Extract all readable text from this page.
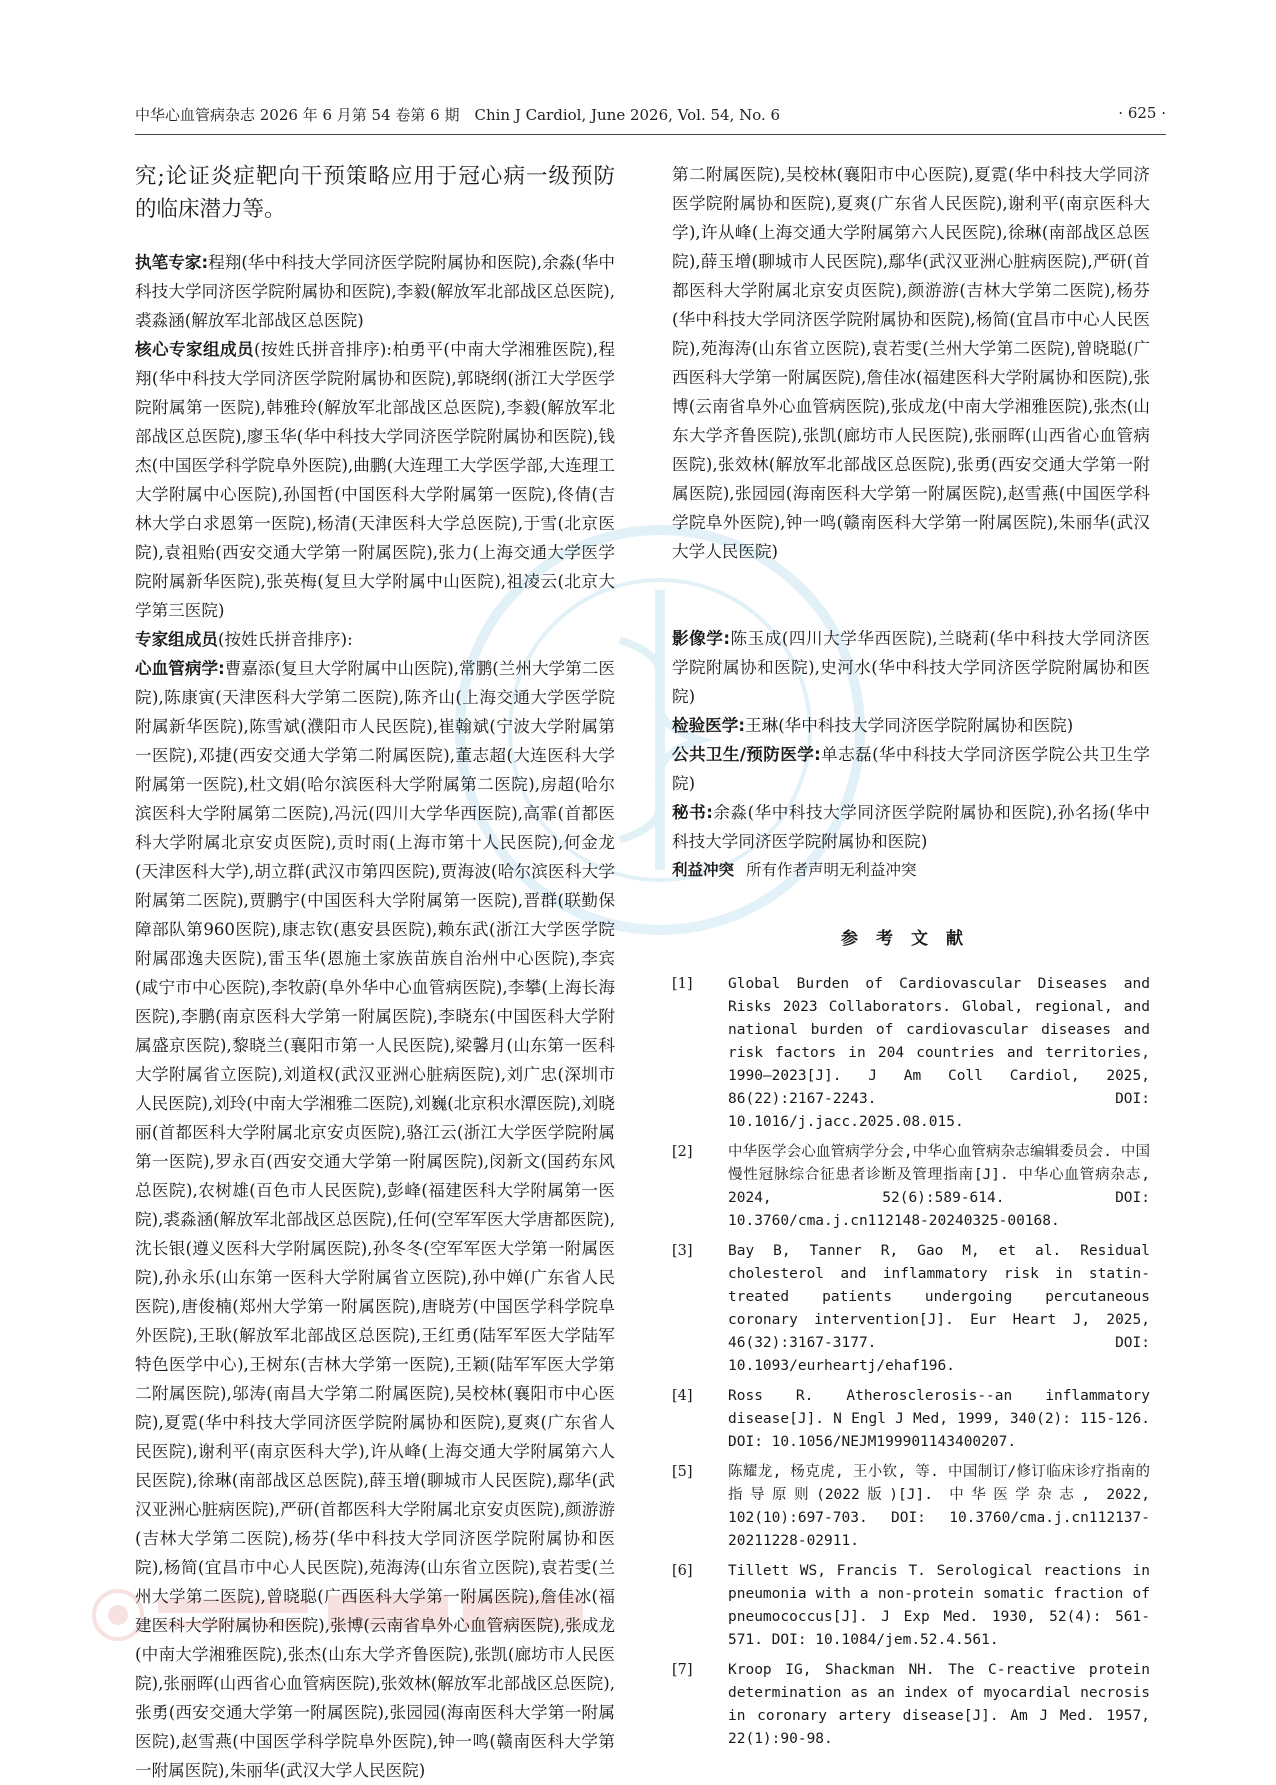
中华心血管病杂志 2026 年 6 月第 54 卷第 6 期　Chin J Cardiol, June 2026, Vol. 54, No. 6	· 625 ·

究;论证炎症靶向干预策略应用于冠心病一级预防的临床潜力等。

执笔专家:程翔(华中科技大学同济医学院附属协和医院),余淼(华中科技大学同济医学院附属协和医院),李毅(解放军北部战区总医院),裘淼涵(解放军北部战区总医院)

核心专家组成员(按姓氏拼音排序):柏勇平(中南大学湘雅医院),程翔(华中科技大学同济医学院附属协和医院),郭晓纲(浙江大学医学院附属第一医院),韩雅玲(解放军北部战区总医院),李毅(解放军北部战区总医院),廖玉华(华中科技大学同济医学院附属协和医院),钱杰(中国医学科学院阜外医院),曲鹏(大连理工大学医学部,大连理工大学附属中心医院),孙国哲(中国医科大学附属第一医院),佟倩(吉林大学白求恩第一医院),杨清(天津医科大学总医院),于雪(北京医院),袁祖贻(西安交通大学第一附属医院),张力(上海交通大学医学院附属新华医院),张英梅(复旦大学附属中山医院),祖凌云(北京大学第三医院)

专家组成员(按姓氏拼音排序):

心血管病学:曹嘉添(复旦大学附属中山医院),常鹏(兰州大学第二医院),陈康寅(天津医科大学第二医院),陈齐山(上海交通大学医学院附属新华医院),陈雪斌(濮阳市人民医院),崔翰斌(宁波大学附属第一医院),邓捷(西安交通大学第二附属医院),董志超(大连医科大学附属第一医院),杜文娟(哈尔滨医科大学附属第二医院),房超(哈尔滨医科大学附属第二医院),冯沅(四川大学华西医院),高霏(首都医科大学附属北京安贞医院),贡时雨(上海市第十人民医院),何金龙(天津医科大学),胡立群(武汉市第四医院),贾海波(哈尔滨医科大学附属第二医院),贾鹏宇(中国医科大学附属第一医院),晋群(联勤保障部队第960医院),康志钦(惠安县医院),赖东武(浙江大学医学院附属邵逸夫医院),雷玉华(恩施土家族苗族自治州中心医院),李宾(咸宁市中心医院),李牧蔚(阜外华中心血管病医院),李攀(上海长海医院),李鹏(南京医科大学第一附属医院),李晓东(中国医科大学附属盛京医院),黎晓兰(襄阳市第一人民医院),梁馨月(山东第一医科大学附属省立医院),刘道权(武汉亚洲心脏病医院),刘广忠(深圳市人民医院),刘玲(中南大学湘雅二医院),刘巍(北京积水潭医院),刘晓丽(首都医科大学附属北京安贞医院),骆江云(浙江大学医学院附属第一医院),罗永百(西安交通大学第一附属医院),闵新文(国药东风总医院),农树雄(百色市人民医院),彭峰(福建医科大学附属第一医院),裘淼涵(解放军北部战区总医院),任何(空军军医大学唐都医院),沈长银(遵义医科大学附属医院),孙冬冬(空军军医大学第一附属医院),孙永乐(山东第一医科大学附属省立医院),孙中婵(广东省人民医院),唐俊楠(郑州大学第一附属医院),唐晓芳(中国医学科学院阜外医院),王耿(解放军北部战区总医院),王红勇(陆军军医大学陆军特色医学中心),王树东(吉林大学第一医院),王颖(陆军军医大学第二附属医院),邬涛(南昌大学第二附属医院),吴校林(襄阳市中心医院),夏霓(华中科技大学同济医学院附属协和医院),夏爽(广东省人民医院),谢利平(南京医科大学),许从峰(上海交通大学附属第六人民医院),徐琳(南部战区总医院),薛玉增(聊城市人民医院),鄢华(武汉亚洲心脏病医院),严研(首都医科大学附属北京安贞医院),颜游游(吉林大学第二医院),杨芬(华中科技大学同济医学院附属协和医院),杨简(宜昌市中心人民医院),苑海涛(山东省立医院),袁若雯(兰州大学第二医院),曾晓聪(广西医科大学第一附属医院),詹佳冰(福建医科大学附属协和医院),张博(云南省阜外心血管病医院),张成龙(中南大学湘雅医院),张杰(山东大学齐鲁医院),张凯(廊坊市人民医院),张丽晖(山西省心血管病医院),张效林(解放军北部战区总医院),张勇(西安交通大学第一附属医院),张园园(海南医科大学第一附属医院),赵雪燕(中国医学科学院阜外医院),钟一鸣(赣南医科大学第一附属医院),朱丽华(武汉大学人民医院)

第二附属医院),吴校林(襄阳市中心医院),夏霓(华中科技大学同济医学院附属协和医院),夏爽(广东省人民医院),谢利平(南京医科大学),许从峰(上海交通大学附属第六人民医院),徐琳(南部战区总医院),薛玉增(聊城市人民医院),鄢华(武汉亚洲心脏病医院),严研(首都医科大学附属北京安贞医院),颜游游(吉林大学第二医院),杨芬(华中科技大学同济医学院附属协和医院),杨简(宜昌市中心人民医院),苑海涛(山东省立医院),袁若雯(兰州大学第二医院),曾晓聪(广西医科大学第一附属医院),詹佳冰(福建医科大学附属协和医院),张博(云南省阜外心血管病医院),张成龙(中南大学湘雅医院),张杰(山东大学齐鲁医院),张凯(廊坊市人民医院),张丽晖(山西省心血管病医院),张效林(解放军北部战区总医院),张勇(西安交通大学第一附属医院),张园园(海南医科大学第一附属医院),赵雪燕(中国医学科学院阜外医院),钟一鸣(赣南医科大学第一附属医院),朱丽华(武汉大学人民医院)

影像学:陈玉成(四川大学华西医院),兰晓莉(华中科技大学同济医学院附属协和医院),史河水(华中科技大学同济医学院附属协和医院)

检验医学:王琳(华中科技大学同济医学院附属协和医院)

公共卫生/预防医学:单志磊(华中科技大学同济医学院公共卫生学院)

秘书:余淼(华中科技大学同济医学院附属协和医院),孙名扬(华中科技大学同济医学院附属协和医院)

利益冲突 所有作者声明无利益冲突

参考文献
[1]	Global Burden of Cardiovascular Diseases and Risks 2023 Collaborators. Global, regional, and national burden of cardiovascular diseases and risk factors in 204 countries and territories, 1990–2023[J]. J Am Coll Cardiol, 2025, 86(22):2167-2243. DOI: 10.1016/j.jacc.2025.08.015.
[2]	中华医学会心血管病学分会,中华心血管病杂志编辑委员会. 中国慢性冠脉综合征患者诊断及管理指南[J]. 中华心血管病杂志, 2024, 52(6):589-614. DOI: 10.3760/cma.j.cn112148-20240325-00168.
[3]	Bay B, Tanner R, Gao M, et al. Residual cholesterol and inflammatory risk in statin-treated patients undergoing percutaneous coronary intervention[J]. Eur Heart J, 2025, 46(32):3167-3177. DOI: 10.1093/eurheartj/ehaf196.
[4]	Ross R. Atherosclerosis--an inflammatory disease[J]. N Engl J Med, 1999, 340(2): 115-126. DOI: 10.1056/NEJM199901143400207.
[5]	陈耀龙, 杨克虎, 王小钦, 等. 中国制订/修订临床诊疗指南的指导原则(2022版)[J]. 中华医学杂志, 2022, 102(10):697-703. DOI: 10.3760/cma.j.cn112137-20211228-02911.
[6]	Tillett WS, Francis T. Serological reactions in pneumonia with a non-protein somatic fraction of pneumococcus[J]. J Exp Med. 1930, 52(4): 561-571. DOI: 10.1084/jem.52.4.561.
[7]	Kroop IG, Shackman NH. The C-reactive protein determination as an index of myocardial necrosis in coronary artery disease[J]. Am J Med. 1957, 22(1):90-98.
